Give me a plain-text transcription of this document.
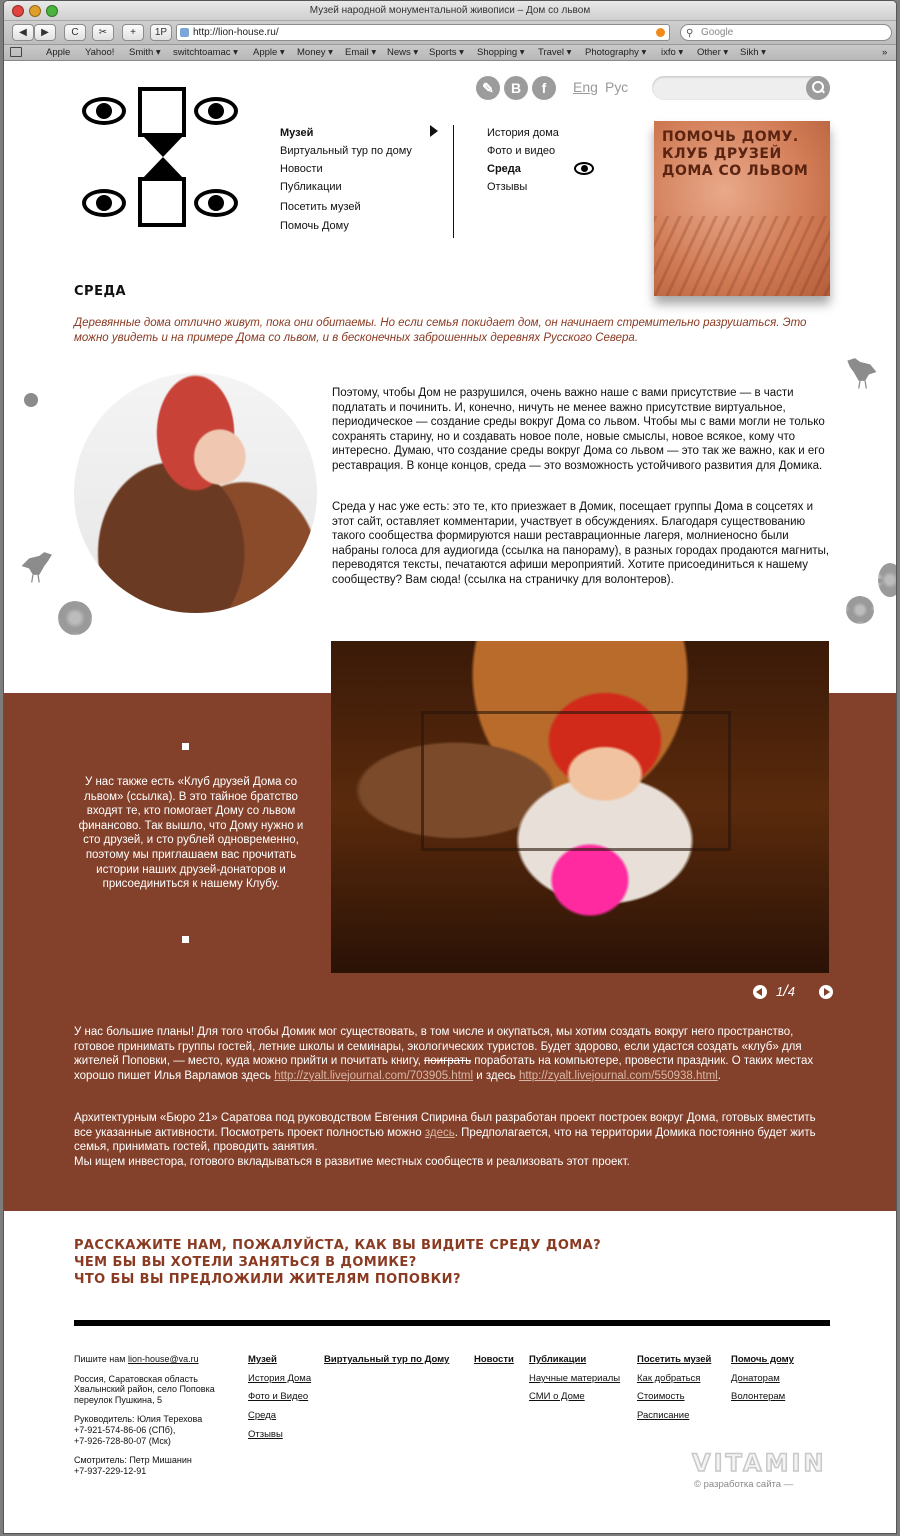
Музей народной монументальной живописи – Дом со львом
◀	▶	C	✂	+	1P	http://lion-house.ru/	⚲ Google
Apple Yahoo! Smith ▾ switchtoamac ▾ Apple ▾ Money ▾ Email ▾ News ▾ Sports ▾ Shopping ▾ Travel ▾ Photography ▾ ixfo ▾ Other ▾ Sikh ▾	»
Музей
Виртуальный тур по дому
Новости
Публикации
Посетить музей
Помочь Дому
История дома
Фото и видео
Среда
Отзывы
✎	В	f	Eng Рус
ПОМОЧЬ ДОМУ. КЛУБ ДРУЗЕЙ ДОМА СО ЛЬВОМ
СРЕДА
Деревянные дома отлично живут, пока они обитаемы. Но если семья покидает дом, он начинает стремительно разрушаться. Это можно увидеть и на примере Дома со львом, и в бесконечных заброшенных деревнях Русского Севера.
Поэтому, чтобы Дом не разрушился, очень важно наше с вами присутствие — в части подлатать и починить. И, конечно, ничуть не менее важно присутствие виртуальное, периодическое — создание среды вокруг Дома со львом. Чтобы мы с вами могли не только сохранять старину, но и создавать новое поле, новые смыслы, новое всякое, кому что интересно. Думаю, что создание среды вокруг Дома со львом — это так же важно, как и его реставрация. В конце концов, среда — это возможность устойчивого развития для Домика.
Среда у нас уже есть: это те, кто приезжает в Домик, посещает группы Дома в соцсетях и этот сайт, оставляет комментарии, участвует в обсуждениях. Благодаря существованию такого сообщества формируются наши реставрационные лагеря, молниеносно были набраны голоса для аудиогида (ссылка на панораму), в разных городах продаются магниты, переводятся тексты, печатаются афиши мероприятий. Хотите присоединиться к нашему сообществу? Вам сюда! (ссылка на страничку для волонтеров).
У нас большие планы! Для того чтобы Домик мог существовать, в том числе и окупаться, мы хотим создать вокруг него пространство, готовое принимать группы гостей, летние школы и семинары, экологических туристов. Будет здорово, если удастся создать «клуб» для жителей Поповки, — место, куда можно прийти и почитать книгу, поиграть поработать на компьютере, провести праздник. О таких местах хорошо пишет Илья Варламов здесь http://zyalt.livejournal.com/703905.html и здесь http://zyalt.livejournal.com/550938.html.
Архитектурным «Бюро 21» Саратова под руководством Евгения Спирина был разработан проект построек вокруг Дома, готовых вместить все указанные активности. Посмотреть проект полностью можно здесь. Предполагается, что на территории Домика постоянно будет жить семья, принимать гостей, проводить занятия.
Мы ищем инвестора, готового вкладываться в развитие местных сообществ и реализовать этот проект.
У нас также есть «Клуб друзей Дома со львом» (ссылка). В это тайное братство входят те, кто помогает Дому со львом финансово. Так вышло, что Дому нужно и сто друзей, и сто рублей одновременно, поэтому мы приглашаем вас прочитать истории наших друзей-донаторов и присоединиться к нашему Клубу.
1/4
РАССКАЖИТЕ НАМ, ПОЖАЛУЙСТА, КАК ВЫ ВИДИТЕ СРЕДУ ДОМА?
ЧЕМ БЫ ВЫ ХОТЕЛИ ЗАНЯТЬСЯ В ДОМИКЕ?
ЧТО БЫ ВЫ ПРЕДЛОЖИЛИ ЖИТЕЛЯМ ПОПОВКИ?
Пишите нам lion-house@va.ru
Россия, Саратовская область
Хвалынский район, село Поповка
переулок Пушкина, 5
Руководитель: Юлия Терехова
+7-921-574-86-06 (СПб),
+7-926-728-80-07 (Мск)
Смотритель: Петр Мишанин
+7-937-229-12-91
Музей
История Дома
Фото и Видео
Среда
Отзывы
Виртуальный тур по Дому	Новости Публикации
Научные материалы
СМИ о Доме
Посетить музей
Как добраться
Стоимость
Расписание
Помочь дому
Донаторам
Волонтерам
VITAMIN
© разработка сайта —
